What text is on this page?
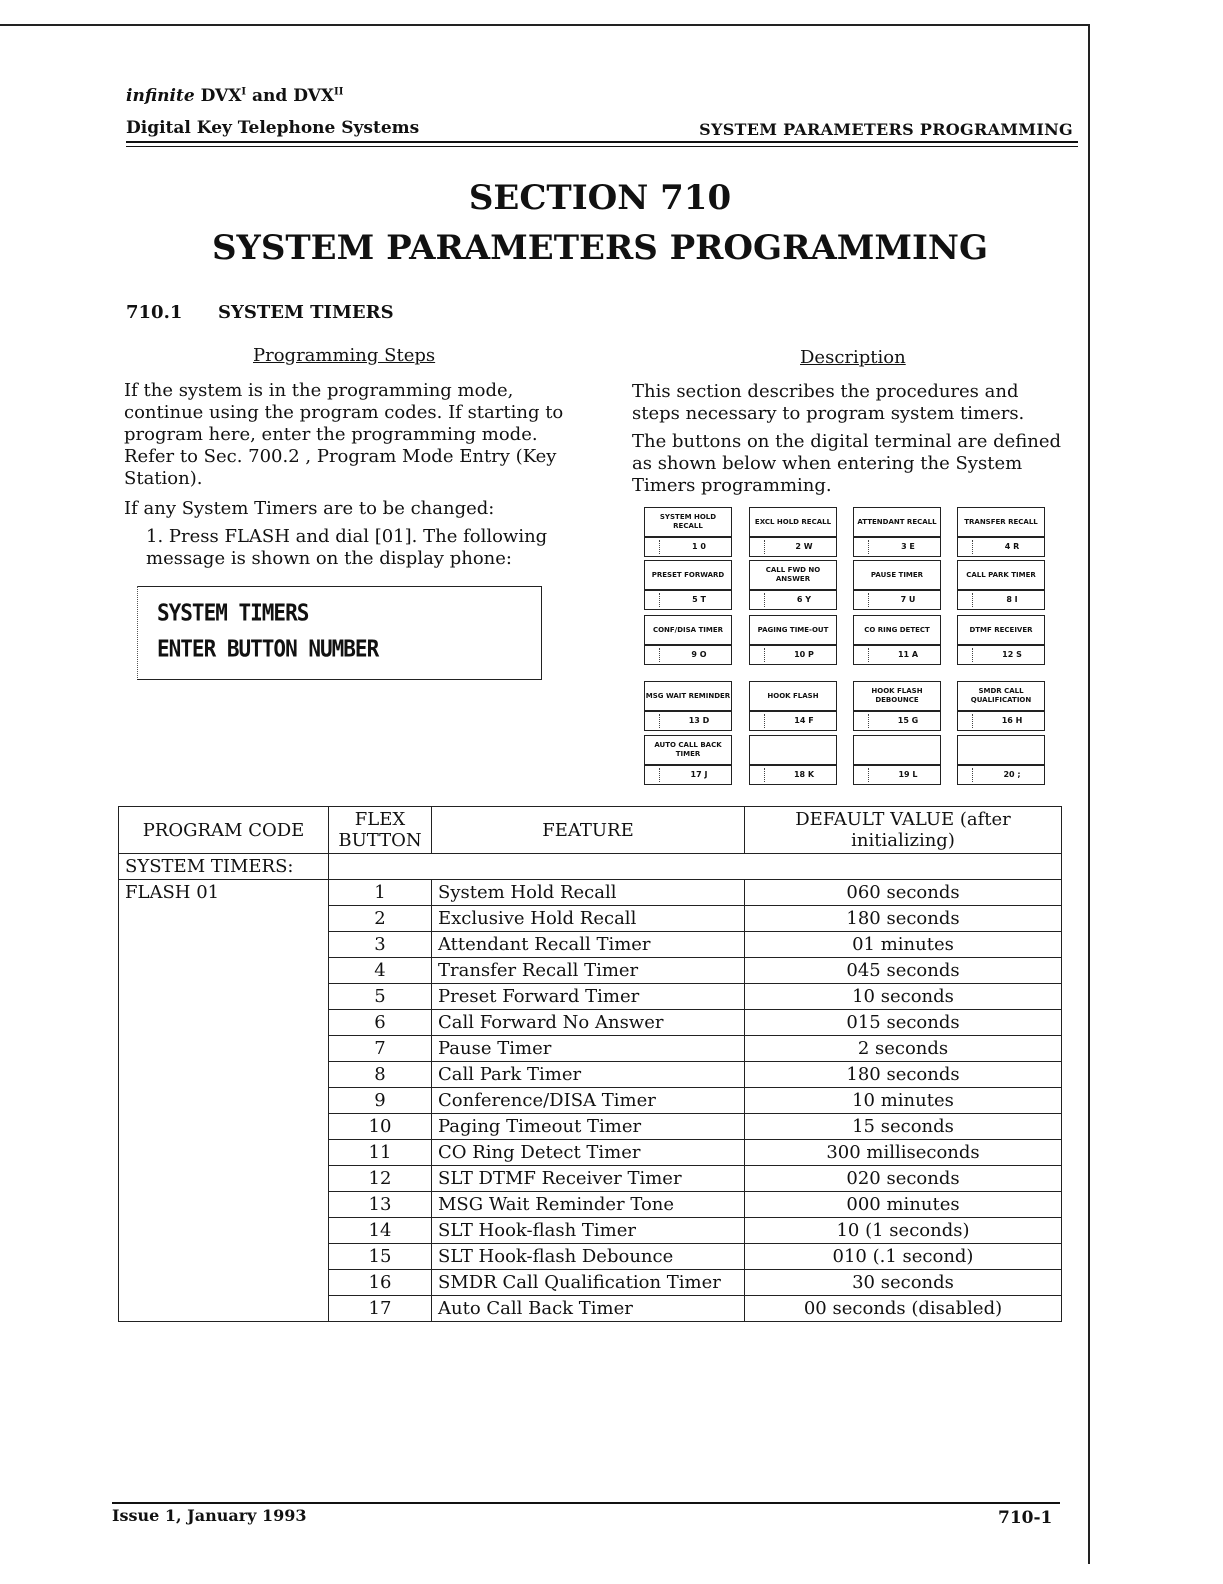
infinite $DVX^I$ and $DVX^{II}$
Digital Key Telephone Systems	SYSTEM PARAMETERS PROGRAMMING
SECTION 710
SYSTEM PARAMETERS PROGRAMMING
710.1 SYSTEM TIMERS
Programming Steps	Description
If the system is in the programming mode, continue using the program codes. If starting to program here, enter the programming mode. Refer to Sec. 700.2 , Program Mode Entry (Key Station).
If any System Timers are to be changed:
1. Press FLASH and dial [01]. The following message is shown on the display phone:
SYSTEM TIMERS
ENTER BUTTON NUMBER
This section describes the procedures and steps necessary to program system timers.
The buttons on the digital terminal are defined as shown below when entering the System Timers programming.
SYSTEM HOLD RECALL
1 0
EXCL HOLD RECALL
2 W
ATTENDANT RECALL
3 E
TRANSFER RECALL
4 R
PRESET FORWARD
5 T
CALL FWD NO ANSWER
6 Y
PAUSE TIMER
7 U
CALL PARK TIMER
8 I
CONF/DISA TIMER
9 O
PAGING TIME-OUT
10 P
CO RING DETECT
11 A
DTMF RECEIVER
12 S
MSG WAIT REMINDER
13 D
HOOK FLASH
14 F
HOOK FLASH DEBOUNCE
15 G
SMDR CALL QUALIFICATION
16 H
AUTO CALL BACK TIMER
17 J	18 K	19 L	20 ;
PROGRAM CODE	FLEX BUTTON	FEATURE	DEFAULT VALUE (after initializing)
SYSTEM TIMERS:			
FLASH 01	1	System Hold Recall	060 seconds
	2	Exclusive Hold Recall	180 seconds
	3	Attendant Recall Timer	01 minutes
	4	Transfer Recall Timer	045 seconds
	5	Preset Forward Timer	10 seconds
	6	Call Forward No Answer	015 seconds
	7	Pause Timer	2 seconds
	8	Call Park Timer	180 seconds
	9	Conference/DISA Timer	10 minutes
	10	Paging Timeout Timer	15 seconds
	11	CO Ring Detect Timer	300 milliseconds
	12	SLT DTMF Receiver Timer	020 seconds
	13	MSG Wait Reminder Tone	000 minutes
	14	SLT Hook-flash Timer	10 (1 seconds)
	15	SLT Hook-flash Debounce	010 (.1 second)
	16	SMDR Call Qualification Timer	30 seconds
	17	Auto Call Back Timer	00 seconds (disabled)
Issue 1, January 1993	710-1
